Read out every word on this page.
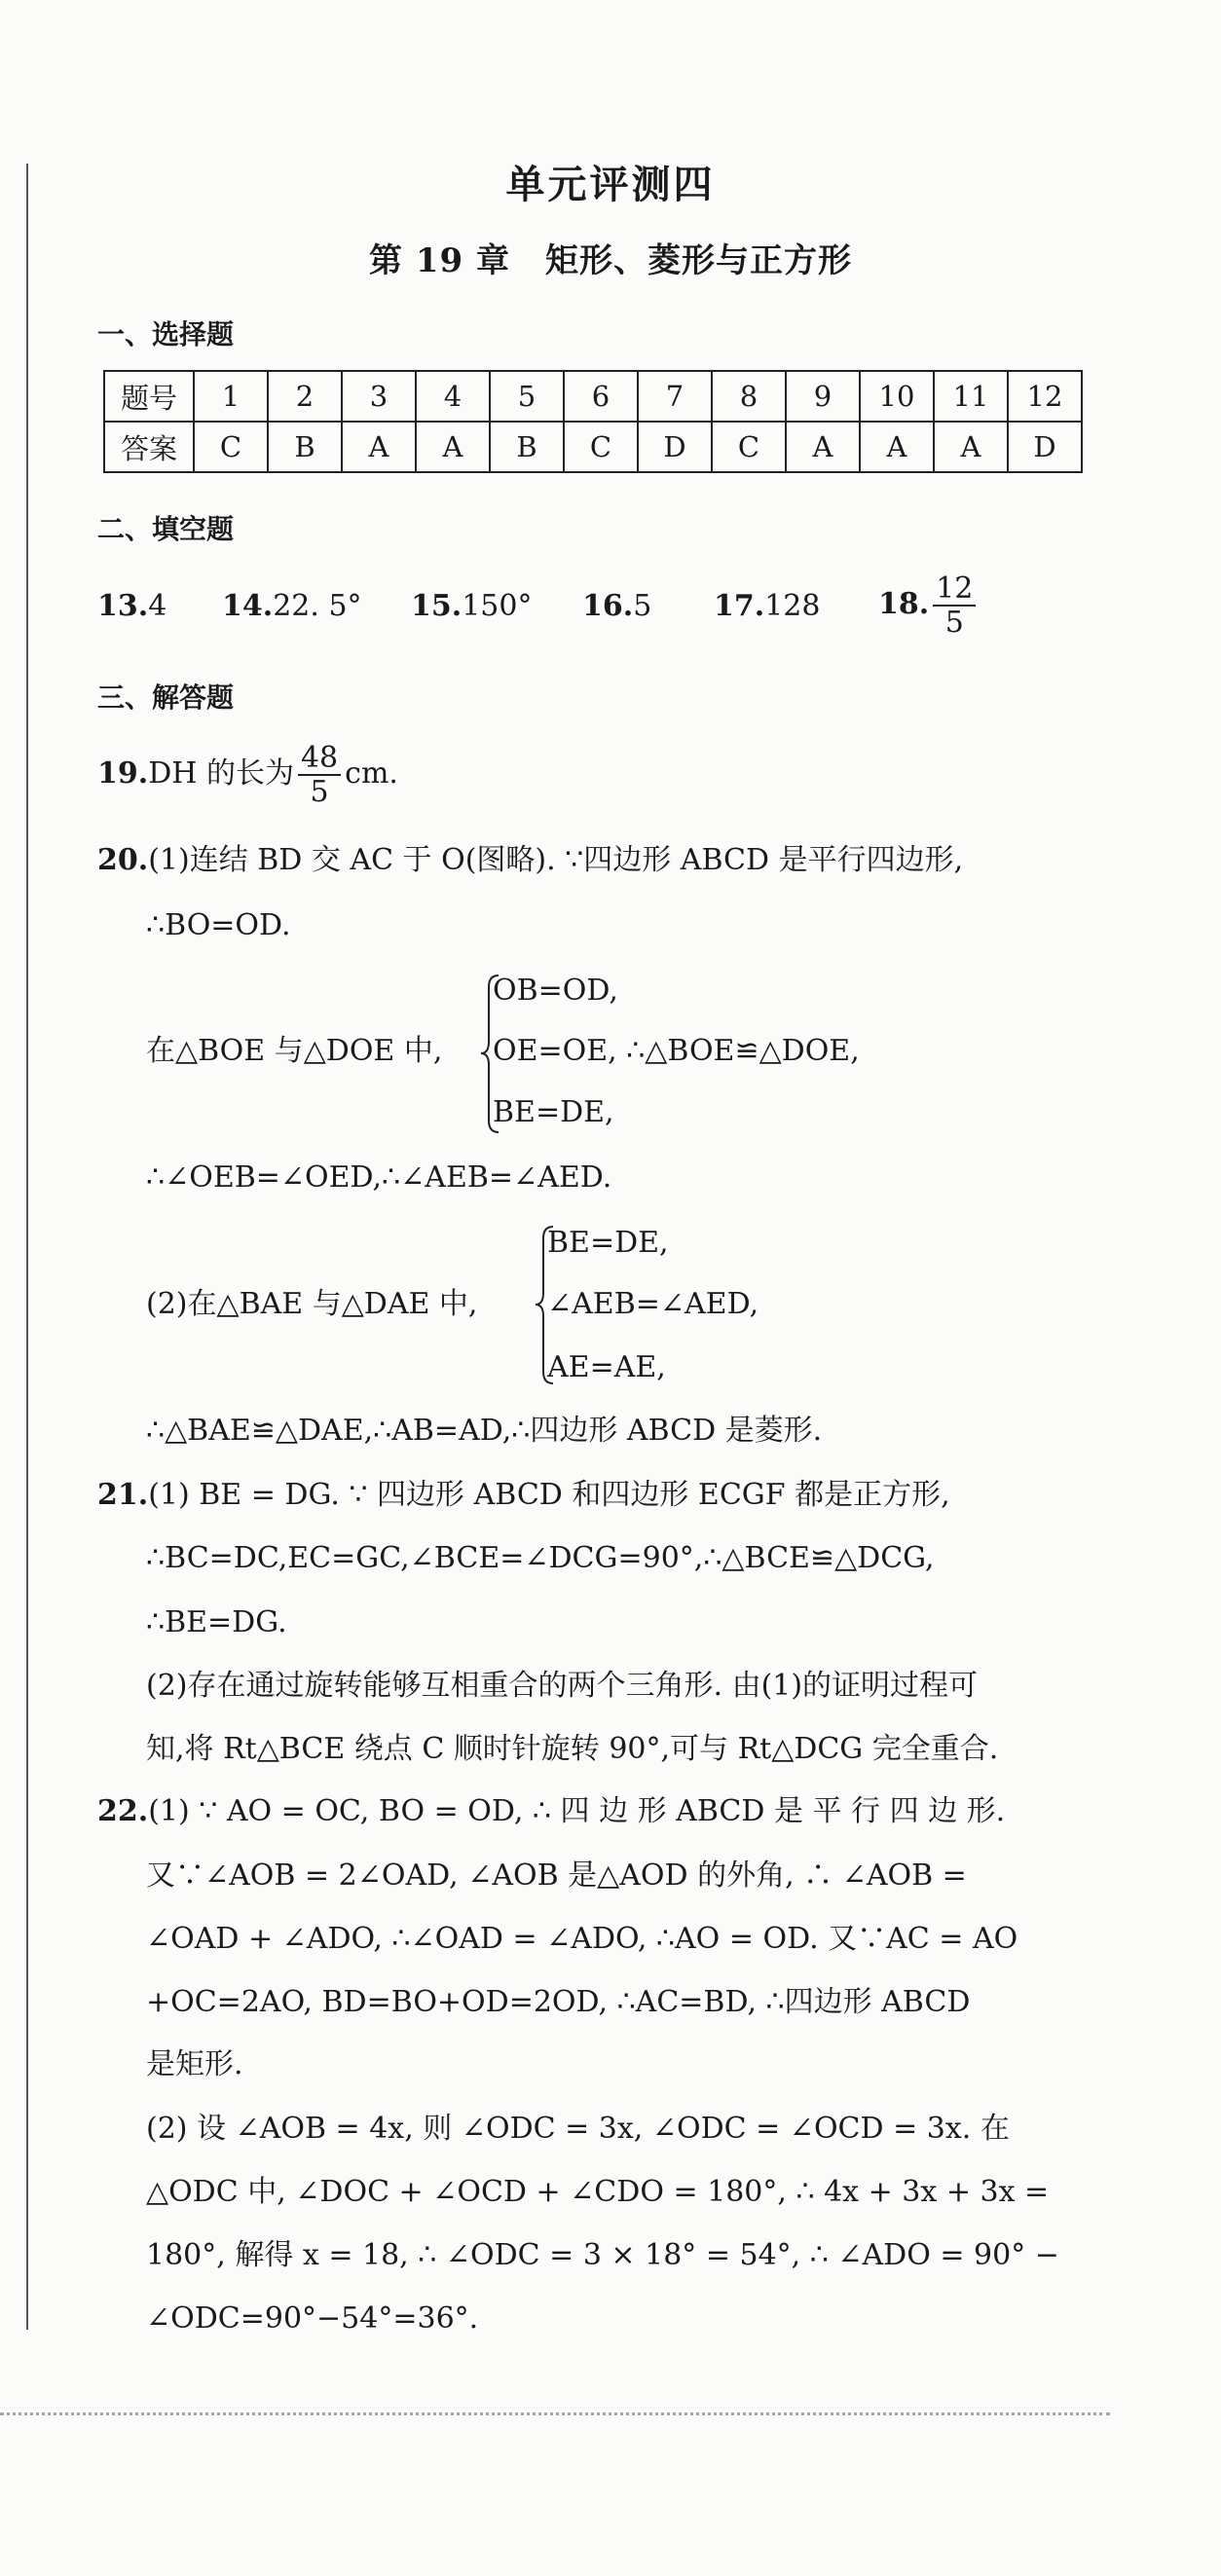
单元评测四
第 19 章 矩形、菱形与正方形
一、选择题
题号	1	2	3	4	5	6	7	8	9	10	11	12
答案	C	B	A	A	B	C	D	C	A	A	A	D
二、填空题
13.4 14.22. 5° 15.150° 16.5 17.128 18. $\frac{12}{5}$
三、解答题
19.DH 的长为 $\frac{48}{5}$ cm.
20.(1)连结 BD 交 AC 于 O(图略). ∵四边形 ABCD 是平行四边形,
∴BO=OD.
在△BOE 与△DOE 中,
OB=OD,
OE=OE, ∴△BOE≌△DOE,
BE=DE,
∴∠OEB=∠OED,∴∠AEB=∠AED.
(2)在△BAE 与△DAE 中,
BE=DE,
∠AEB=∠AED,
AE=AE,
∴△BAE≌△DAE,∴AB=AD,∴四边形 ABCD 是菱形.
21.(1) BE = DG. ∵ 四边形 ABCD 和四边形 ECGF 都是正方形,
∴BC=DC,EC=GC,∠BCE=∠DCG=90°,∴△BCE≌△DCG,
∴BE=DG.
(2)存在通过旋转能够互相重合的两个三角形. 由(1)的证明过程可
知,将 Rt△BCE 绕点 C 顺时针旋转 90°,可与 Rt△DCG 完全重合.
22.(1) ∵ AO = OC, BO = OD, ∴ 四 边 形 ABCD 是 平 行 四 边 形.
又∵∠AOB = 2∠OAD, ∠AOB 是△AOD 的外角, ∴ ∠AOB =
∠OAD + ∠ADO, ∴∠OAD = ∠ADO, ∴AO = OD. 又∵AC = AO
+OC=2AO, BD=BO+OD=2OD, ∴AC=BD, ∴四边形 ABCD
是矩形.
(2) 设 ∠AOB = 4x, 则 ∠ODC = 3x, ∠ODC = ∠OCD = 3x. 在
△ODC 中, ∠DOC + ∠OCD + ∠CDO = 180°, ∴ 4x + 3x + 3x =
180°, 解得 x = 18, ∴ ∠ODC = 3 × 18° = 54°, ∴ ∠ADO = 90° −
∠ODC=90°−54°=36°.
